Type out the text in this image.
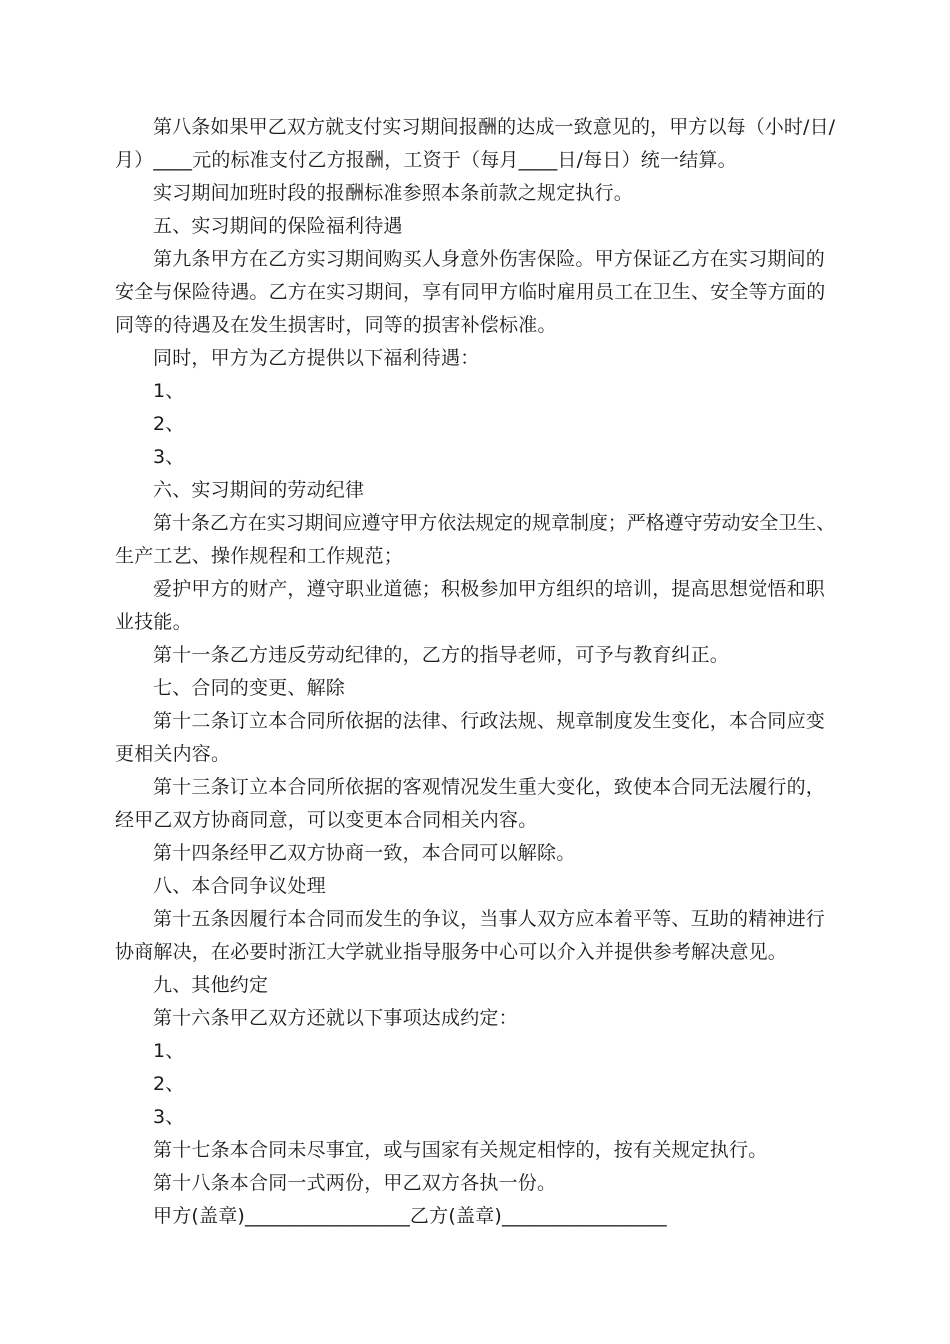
第八条如果甲乙双方就支付实习期间报酬的达成一致意见的，甲方以每（小时/日/
月）____元的标准支付乙方报酬，工资于（每月____日/每日）统一结算。
实习期间加班时段的报酬标准参照本条前款之规定执行。
五、实习期间的保险福利待遇
第九条甲方在乙方实习期间购买人身意外伤害保险。甲方保证乙方在实习期间的
安全与保险待遇。乙方在实习期间，享有同甲方临时雇用员工在卫生、安全等方面的
同等的待遇及在发生损害时，同等的损害补偿标准。
同时，甲方为乙方提供以下福利待遇：
1、
2、
3、
六、实习期间的劳动纪律
第十条乙方在实习期间应遵守甲方依法规定的规章制度；严格遵守劳动安全卫生、
生产工艺、操作规程和工作规范；
爱护甲方的财产，遵守职业道德；积极参加甲方组织的培训，提高思想觉悟和职
业技能。
第十一条乙方违反劳动纪律的，乙方的指导老师，可予与教育纠正。
七、合同的变更、解除
第十二条订立本合同所依据的法律、行政法规、规章制度发生变化，本合同应变
更相关内容。
第十三条订立本合同所依据的客观情况发生重大变化，致使本合同无法履行的，
经甲乙双方协商同意，可以变更本合同相关内容。
第十四条经甲乙双方协商一致，本合同可以解除。
八、本合同争议处理
第十五条因履行本合同而发生的争议，当事人双方应本着平等、互助的精神进行
协商解决，在必要时浙江大学就业指导服务中心可以介入并提供参考解决意见。
九、其他约定
第十六条甲乙双方还就以下事项达成约定：
1、
2、
3、
第十七条本合同未尽事宜，或与国家有关规定相悖的，按有关规定执行。
第十八条本合同一式两份，甲乙双方各执一份。
甲方(盖章)_________________乙方(盖章)_________________
